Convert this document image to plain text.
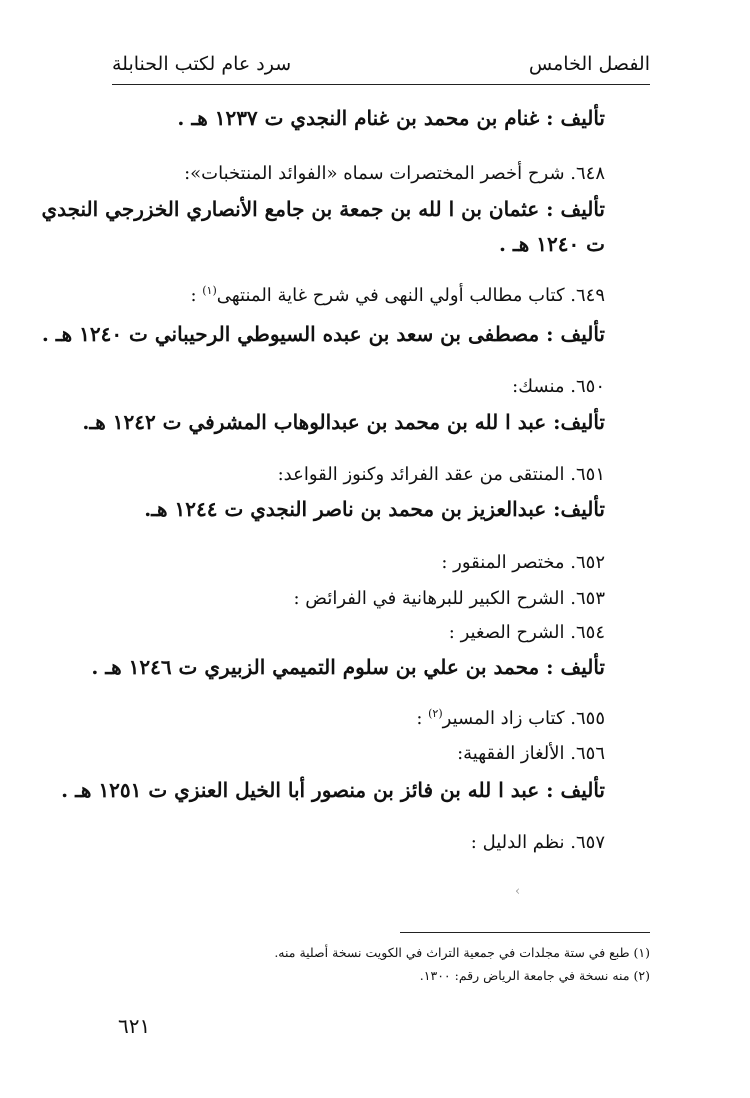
الفصل الخامس
سرد عام لكتب الحنابلة
تأليف : غنام بن محمد بن غنام النجدي ت ١٢٣٧ هـ .
٦٤٨. شرح أخصر المختصرات سماه «الفوائد المنتخبات»:
تأليف : عثمان بن ا لله بن جمعة بن جامع الأنصاري الخزرجي النجدي
ت ١٢٤٠ هـ .
٦٤٩. كتاب مطالب أولي النهى في شرح غاية المنتهى$^{(١)}$ :
تأليف : مصطفى بن سعد بن عبده السيوطي الرحيباني ت ١٢٤٠ هـ .
٦٥٠. منسك:
تأليف: عبد ا لله بن محمد بن عبدالوهاب المشرفي ت ١٢٤٢ هـ.
٦٥١. المنتقى من عقد الفرائد وكنوز القواعد:
تأليف: عبدالعزيز بن محمد بن ناصر النجدي ت ١٢٤٤ هـ.
٦٥٢. مختصر المنقور :
٦٥٣. الشرح الكبير للبرهانية في الفرائض :
٦٥٤. الشرح الصغير :
تأليف : محمد بن علي بن سلوم التميمي الزبيري ت ١٢٤٦ هـ .
٦٥٥. كتاب زاد المسير$^{(٢)}$ :
٦٥٦. الألغاز الفقهية:
تأليف : عبد ا لله بن فائز بن منصور أبا الخيل العنزي ت ١٢٥١ هـ .
٦٥٧. نظم الدليل :
‹
(١) طبع في ستة مجلدات في جمعية التراث في الكويت نسخة أصلية منه.
(٢) منه نسخة في جامعة الرياض رقم: ١٣٠٠.
٦٢١
